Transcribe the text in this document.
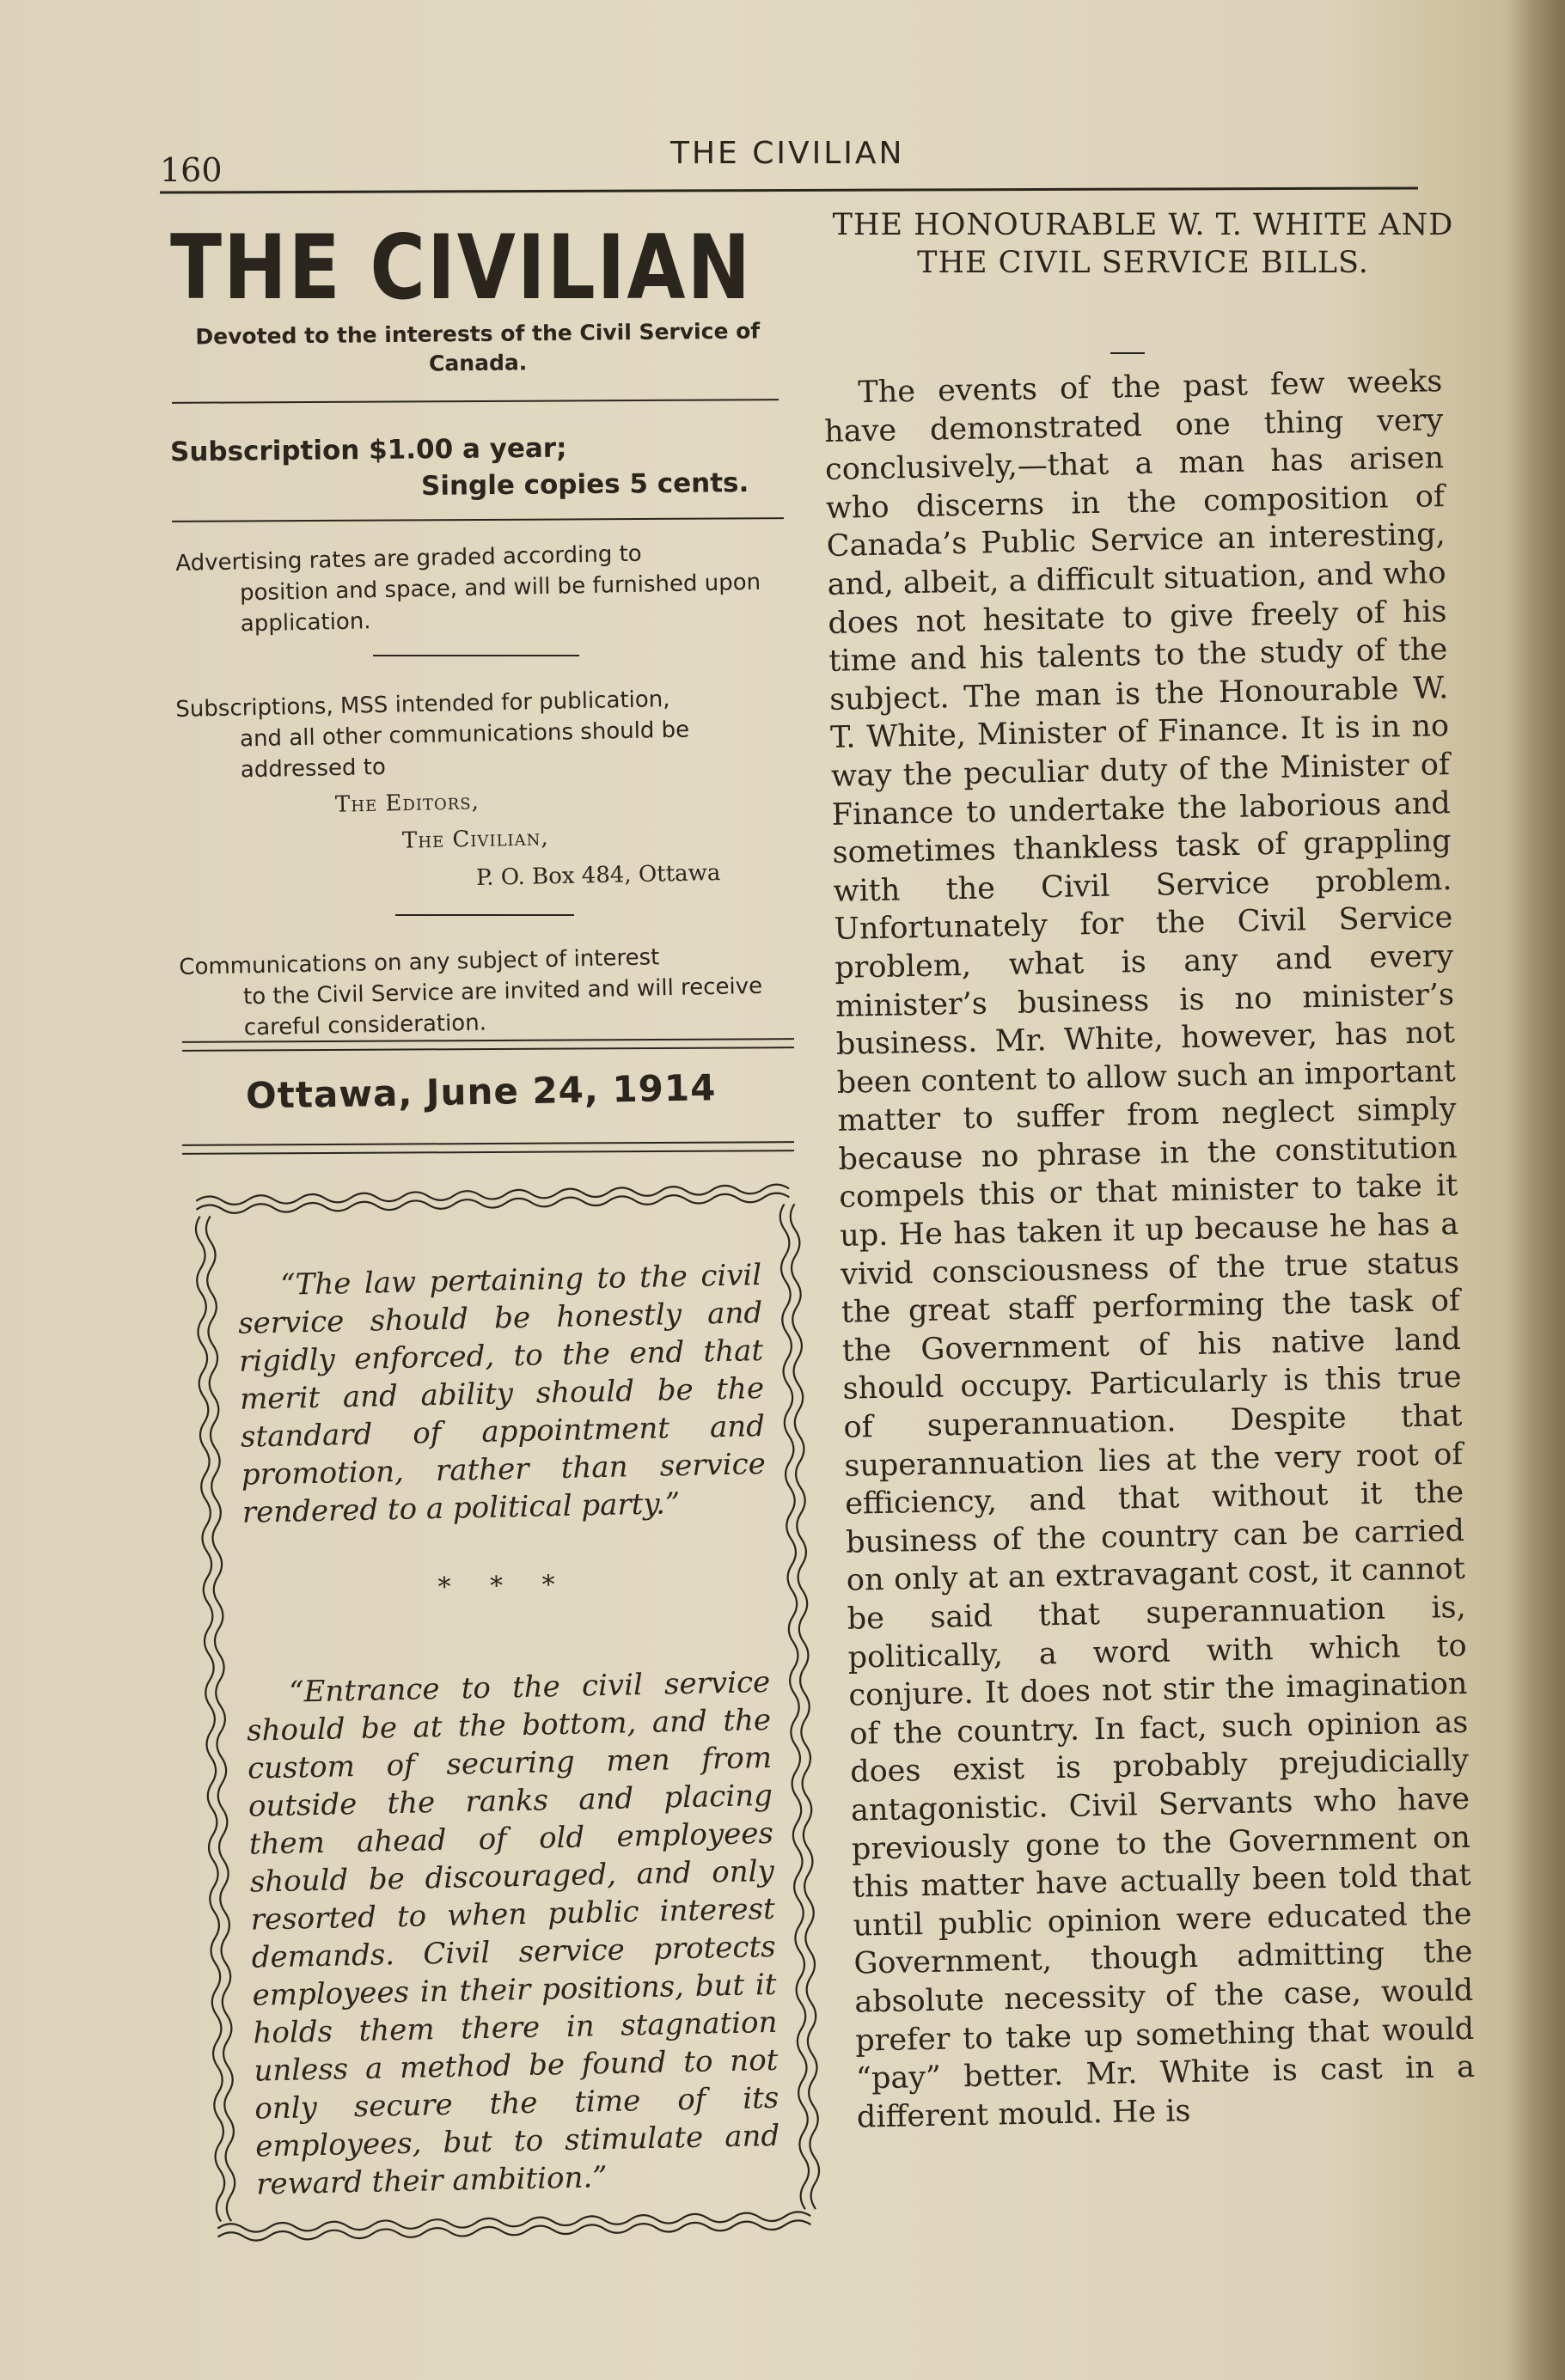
160	THE CIVILIAN
THE CIVILIAN
Devoted to the interests of the Civil Service of Canada.
Subscription $1.00 a year;
Single copies 5 cents.
Advertising rates are graded according to
position and space, and will be furnished upon application.
Subscriptions, MSS intended for publication,
and all other communications should be addressed to
The Editors,
The Civilian,
P. O. Box 484, Ottawa
Communications on any subject of interest
to the Civil Service are invited and will receive careful consideration.
Ottawa, June 24, 1914
“The law pertaining to the civil service should be honestly and rigidly enforced, to the end that merit and ability should be the standard of appointment and promotion, rather than service rendered to a political party.”
* * *
“Entrance to the civil service should be at the bottom, and the custom of securing men from outside the ranks and placing them ahead of old employees should be discouraged, and only resorted to when public interest demands. Civil service protects employees in their positions, but it holds them there in stagnation unless a method be found to not only secure the time of its employees, but to stimulate and reward their ambition.”
THE HONOURABLE W. T. WHITE AND THE CIVIL SERVICE BILLS.
The events of the past few weeks have demonstrated one thing very conclusively,—that a man has arisen who discerns in the composition of Canada’s Public Service an interesting, and, albeit, a difficult situation, and who does not hesitate to give freely of his time and his talents to the study of the subject. The man is the Honourable W. T. White, Minister of Finance. It is in no way the peculiar duty of the Minister of Finance to undertake the laborious and sometimes thankless task of grappling with the Civil Service problem. Unfortunately for the Civil Service problem, what is any and every minister’s business is no minister’s business. Mr. White, however, has not been content to allow such an important matter to suffer from neglect simply because no phrase in the constitution compels this or that minister to take it up. He has taken it up because he has a vivid consciousness of the true status the great staff performing the task of the Government of his native land should occupy. Particularly is this true of superannuation. Despite that superannuation lies at the very root of efficiency, and that without it the business of the country can be carried on only at an extravagant cost, it cannot be said that superannuation is, politically, a word with which to conjure. It does not stir the imagination of the country. In fact, such opinion as does exist is probably prejudicially antagonistic. Civil Servants who have previously gone to the Government on this matter have actually been told that until public opinion were educated the Government, though admitting the absolute necessity of the case, would prefer to take up something that would “pay” better. Mr. White is cast in a different mould. He is
